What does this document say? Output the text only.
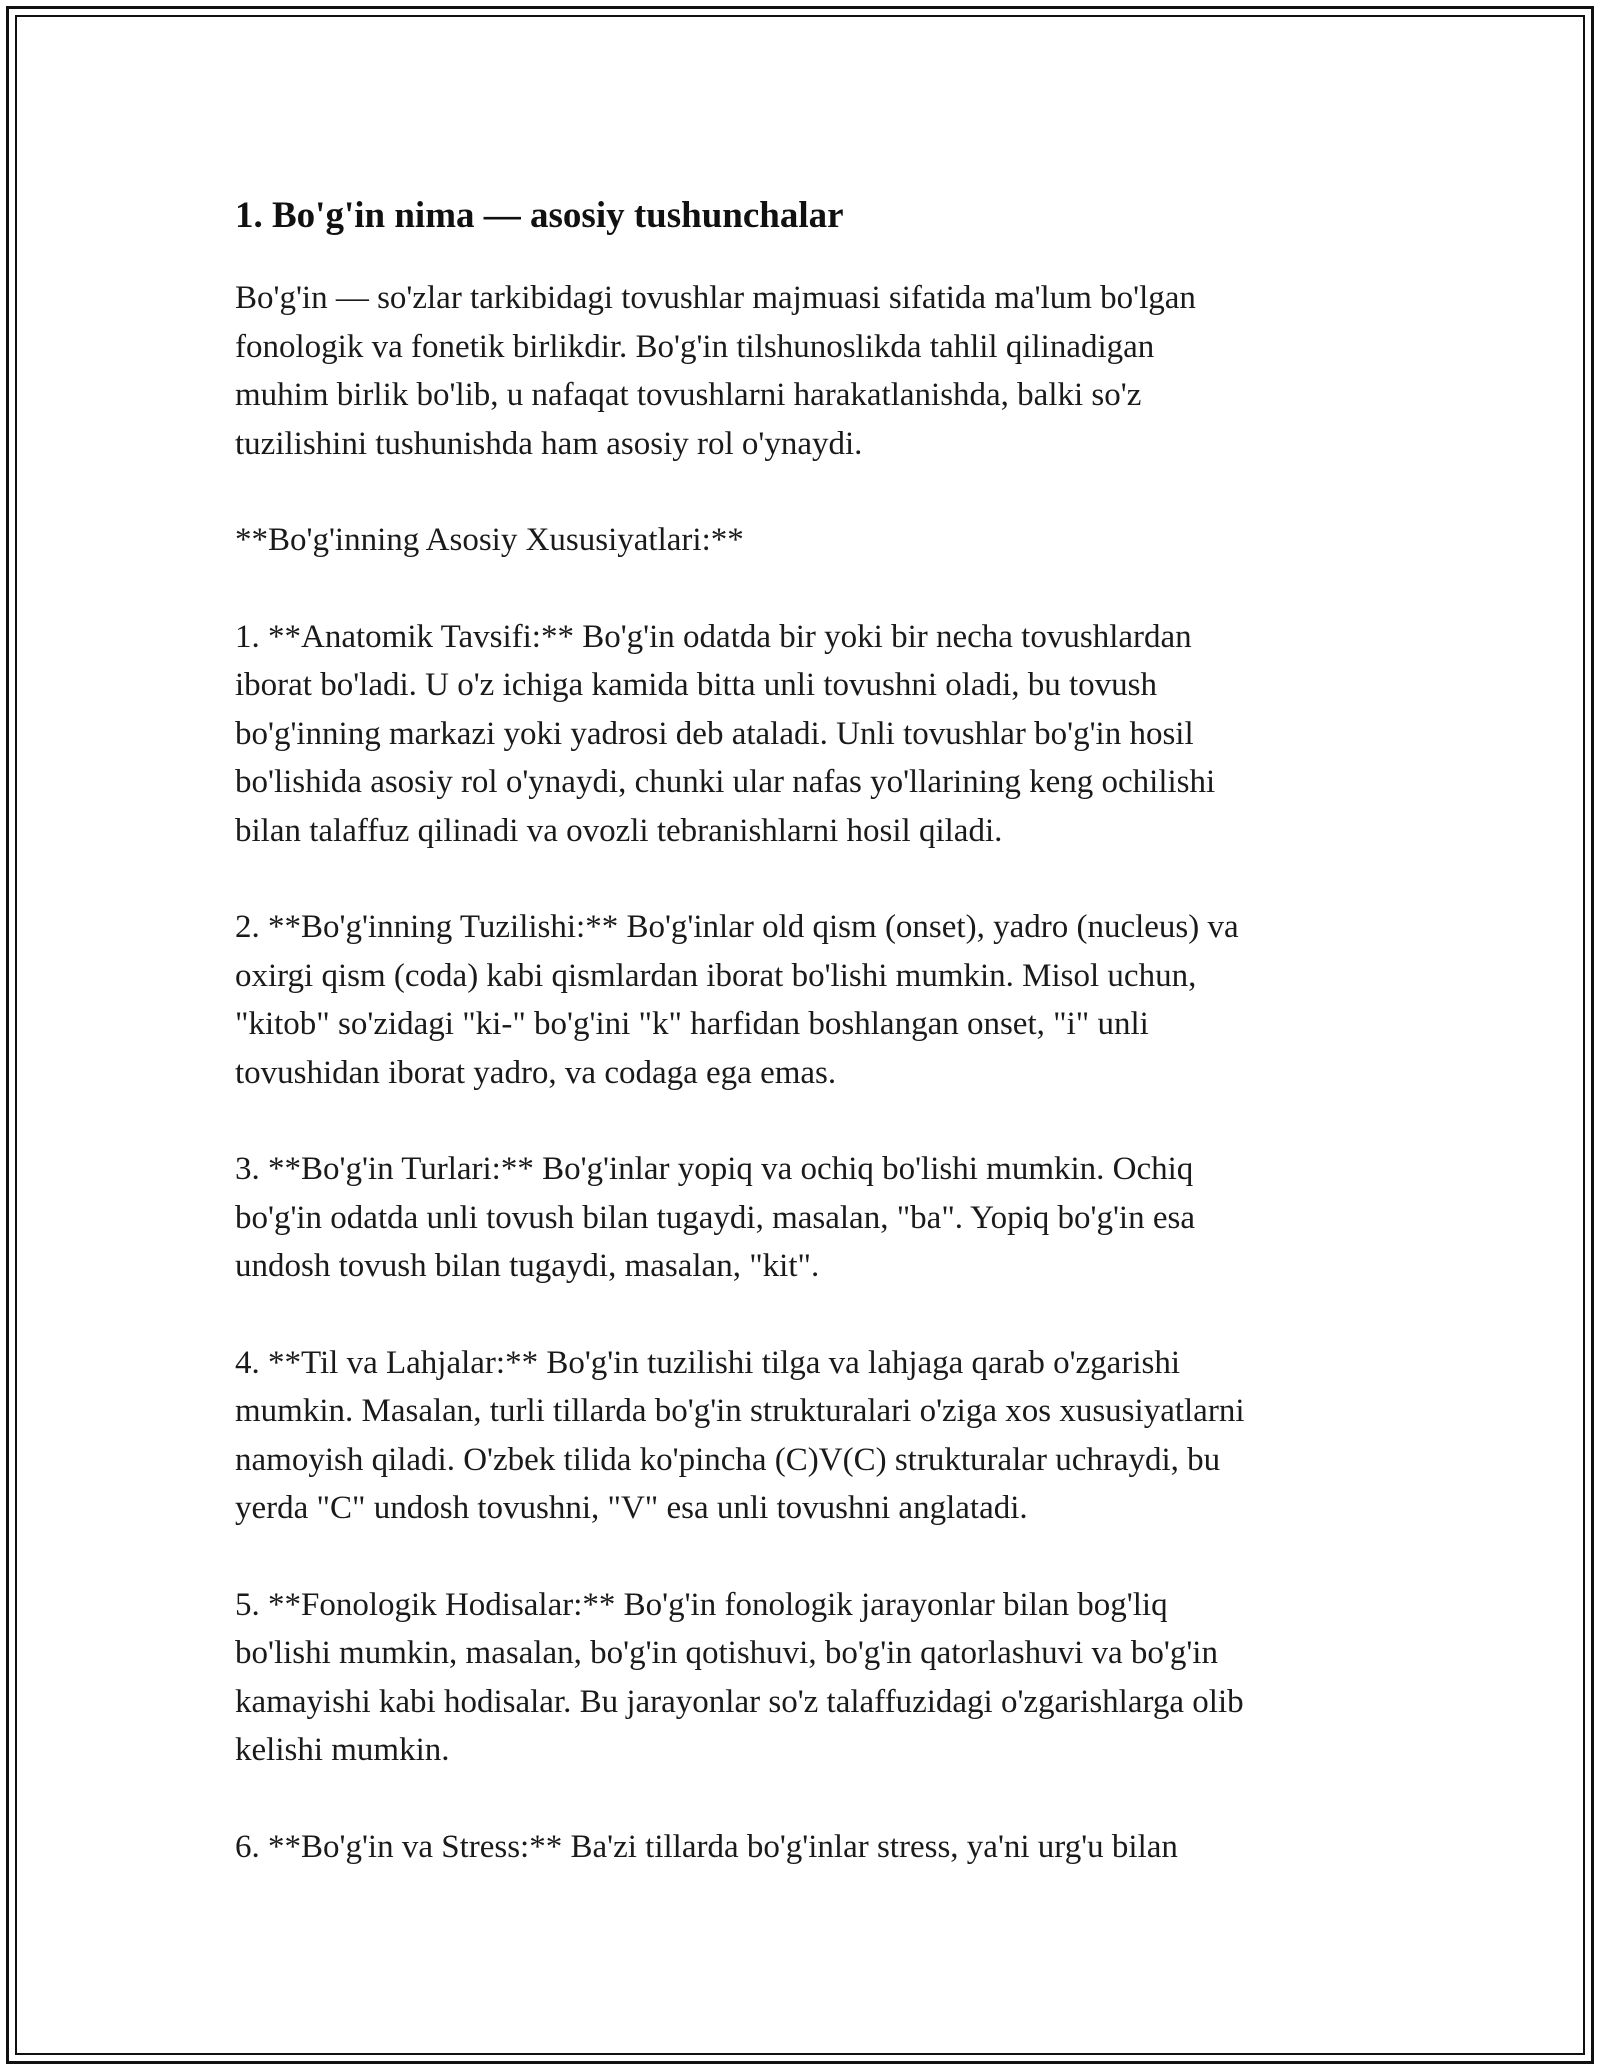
1. Bo'g'in nima — asosiy tushunchalar

Bo'g'in — so'zlar tarkibidagi tovushlar majmuasi sifatida ma'lum bo'lgan
fonologik va fonetik birlikdir. Bo'g'in tilshunoslikda tahlil qilinadigan
muhim birlik bo'lib, u nafaqat tovushlarni harakatlanishda, balki so'z
tuzilishini tushunishda ham asosiy rol o'ynaydi.

**Bo'g'inning Asosiy Xususiyatlari:**

1. **Anatomik Tavsifi:** Bo'g'in odatda bir yoki bir necha tovushlardan
iborat bo'ladi. U o'z ichiga kamida bitta unli tovushni oladi, bu tovush
bo'g'inning markazi yoki yadrosi deb ataladi. Unli tovushlar bo'g'in hosil
bo'lishida asosiy rol o'ynaydi, chunki ular nafas yo'llarining keng ochilishi
bilan talaffuz qilinadi va ovozli tebranishlarni hosil qiladi.

2. **Bo'g'inning Tuzilishi:** Bo'g'inlar old qism (onset), yadro (nucleus) va
oxirgi qism (coda) kabi qismlardan iborat bo'lishi mumkin. Misol uchun,
"kitob" so'zidagi "ki-" bo'g'ini "k" harfidan boshlangan onset, "i" unli
tovushidan iborat yadro, va codaga ega emas.

3. **Bo'g'in Turlari:** Bo'g'inlar yopiq va ochiq bo'lishi mumkin. Ochiq
bo'g'in odatda unli tovush bilan tugaydi, masalan, "ba". Yopiq bo'g'in esa
undosh tovush bilan tugaydi, masalan, "kit".

4. **Til va Lahjalar:** Bo'g'in tuzilishi tilga va lahjaga qarab o'zgarishi
mumkin. Masalan, turli tillarda bo'g'in strukturalari o'ziga xos xususiyatlarni
namoyish qiladi. O'zbek tilida ko'pincha (C)V(C) strukturalar uchraydi, bu
yerda "C" undosh tovushni, "V" esa unli tovushni anglatadi.

5. **Fonologik Hodisalar:** Bo'g'in fonologik jarayonlar bilan bog'liq
bo'lishi mumkin, masalan, bo'g'in qotishuvi, bo'g'in qatorlashuvi va bo'g'in
kamayishi kabi hodisalar. Bu jarayonlar so'z talaffuzidagi o'zgarishlarga olib
kelishi mumkin.

6. **Bo'g'in va Stress:** Ba'zi tillarda bo'g'inlar stress, ya'ni urg'u bilan
